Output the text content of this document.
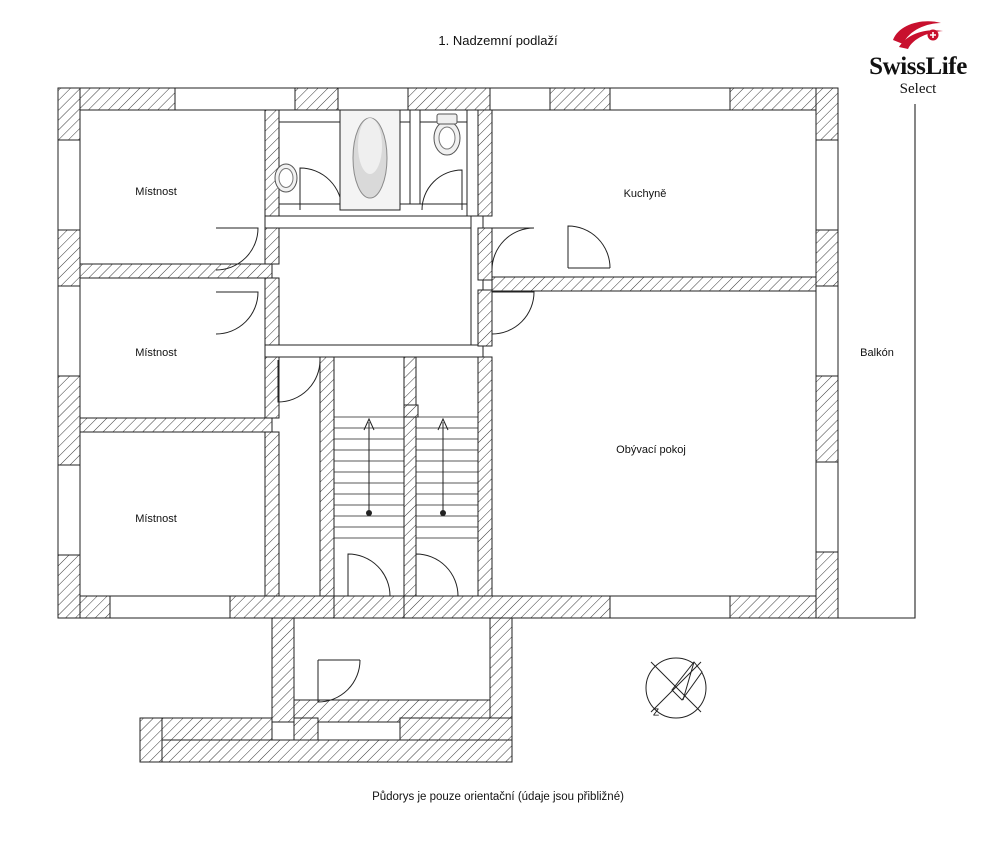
1. Nadzemní podlaží
SwissLife
Select
Místnost
Místnost
Místnost
Kuchyně
Obývací pokoj
Balkón
Z
Půdorys je pouze orientační (údaje jsou přibližné)
